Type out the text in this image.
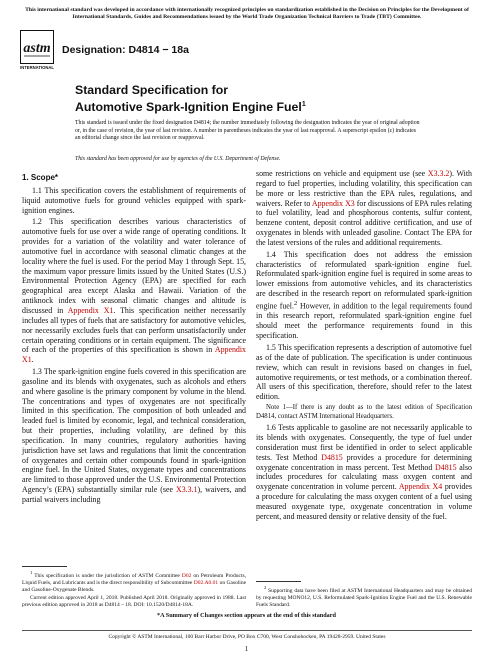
This international standard was developed in accordance with internationally recognized principles on standardization established in the Decision on Principles for the Development of International Standards, Guides and Recommendations issued by the World Trade Organization Technical Barriers to Trade (TBT) Committee.
astm
INTERNATIONAL
Designation: D4814 − 18a
Standard Specification for
Automotive Spark-Ignition Engine Fuel$^1$
This standard is issued under the fixed designation D4814; the number immediately following the designation indicates the year of original adoption or, in the case of revision, the year of last revision. A number in parentheses indicates the year of last reapproval. A superscript epsilon (ε) indicates an editorial change since the last revision or reapproval.
This standard has been approved for use by agencies of the U.S. Department of Defense.
1. Scope*

1.1 This specification covers the establishment of requirements of liquid automotive fuels for ground vehicles equipped with spark-ignition engines.

1.2 This specification describes various characteristics of automotive fuels for use over a wide range of operating conditions. It provides for a variation of the volatility and water tolerance of automotive fuel in accordance with seasonal climatic changes at the locality where the fuel is used. For the period May 1 through Sept. 15, the maximum vapor pressure limits issued by the United States (U.S.) Environmental Protection Agency (EPA) are specified for each geographical area except Alaska and Hawaii. Variation of the antiknock index with seasonal climatic changes and altitude is discussed in Appendix X1. This specification neither necessarily includes all types of fuels that are satisfactory for automotive vehicles, nor necessarily excludes fuels that can perform unsatisfactorily under certain operating conditions or in certain equipment. The significance of each of the properties of this specification is shown in Appendix X1.

1.3 The spark-ignition engine fuels covered in this specification are gasoline and its blends with oxygenates, such as alcohols and ethers and where gasoline is the primary component by volume in the blend. The concentrations and types of oxygenates are not specifically limited in this specification. The composition of both unleaded and leaded fuel is limited by economic, legal, and technical consideration, but their properties, including volatility, are defined by this specification. In many countries, regulatory authorities having jurisdiction have set laws and regulations that limit the concentration of oxygenates and certain other compounds found in spark-ignition engine fuel. In the United States, oxygenate types and concentrations are limited to those approved under the U.S. Environmental Protection Agency’s (EPA) substantially similar rule (see X3.3.1), waivers, and partial waivers including

$^1$ This specification is under the jurisdiction of ASTM Committee D02 on Petroleum Products, Liquid Fuels, and Lubricants and is the direct responsibility of Subcommittee D02.A0.01 on Gasoline and Gasoline-Oxygenate Blends.

Current edition approved April 1, 2018. Published April 2018. Originally approved in 1988. Last previous edition approved in 2018 as D4814 – 18. DOI: 10.1520/D4814-18A.

some restrictions on vehicle and equipment use (see X3.3.2). With regard to fuel properties, including volatility, this specification can be more or less restrictive than the EPA rules, regulations, and waivers. Refer to Appendix X3 for discussions of EPA rules relating to fuel volatility, lead and phosphorous contents, sulfur content, benzene content, deposit control additive certification, and use of oxygenates in blends with unleaded gasoline. Contact The EPA for the latest versions of the rules and additional requirements.

1.4 This specification does not address the emission characteristics of reformulated spark-ignition engine fuel. Reformulated spark-ignition engine fuel is required in some areas to lower emissions from automotive vehicles, and its characteristics are described in the research report on reformulated spark-ignition engine fuel.$^2$ However, in addition to the legal requirements found in this research report, reformulated spark-ignition engine fuel should meet the performance requirements found in this specification.

1.5 This specification represents a description of automotive fuel as of the date of publication. The specification is under continuous review, which can result in revisions based on changes in fuel, automotive requirements, or test methods, or a combination thereof. All users of this specification, therefore, should refer to the latest edition.

Note 1—If there is any doubt as to the latest edition of Specification D4814, contact ASTM International Headquarters.

1.6 Tests applicable to gasoline are not necessarily applicable to its blends with oxygenates. Consequently, the type of fuel under consideration must first be identified in order to select applicable tests. Test Method D4815 provides a procedure for determining oxygenate concentration in mass percent. Test Method D4815 also includes procedures for calculating mass oxygen content and oxygenate concentration in volume percent. Appendix X4 provides a procedure for calculating the mass oxygen content of a fuel using measured oxygenate type, oxygenate concentration in volume percent, and measured density or relative density of the fuel.

$^2$ Supporting data have been filed at ASTM International Headquarters and may be obtained by requesting MONO12, U.S. Reformulated Spark-Ignition Engine Fuel and the U.S. Renewable Fuels Standard.

*A Summary of Changes section appears at the end of this standard
Copyright © ASTM International, 100 Barr Harbor Drive, PO Box C700, West Conshohocken, PA 19428-2959. United States
1
